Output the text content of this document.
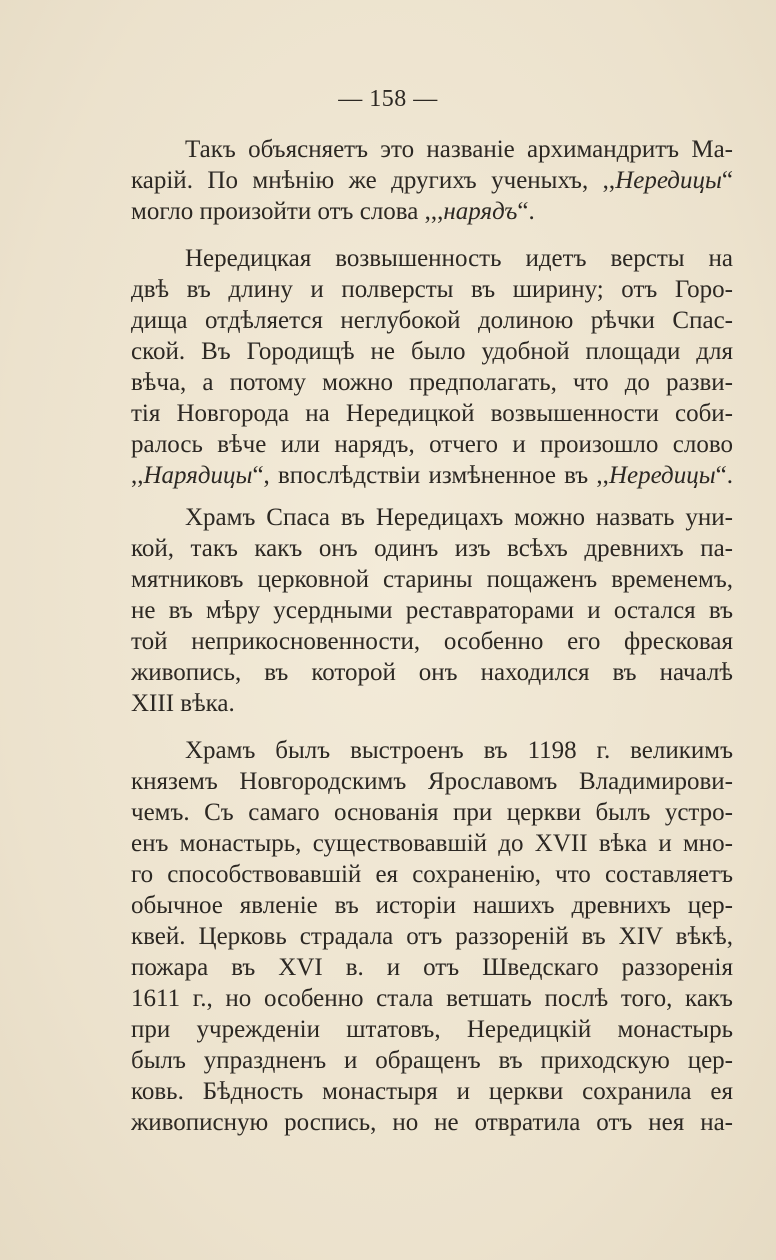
— 158 —
Такъ объясняетъ это названіе архимандритъ Ма-
карій. По мнѣнію же другихъ ученыхъ, ,,Нередицы“
могло произойти отъ слова ,,,нарядъ“.
Нередицкая возвышенность идетъ версты на
двѣ въ длину и полверсты въ ширину; отъ Горо-
дища отдѣляется неглубокой долиною рѣчки Спас-
ской. Въ Городищѣ не было удобной площади для
вѣча, а потому можно предполагать, что до разви-
тія Новгорода на Нередицкой возвышенности соби-
ралось вѣче или нарядъ, отчего и произошло слово
,,Нарядицы“, впослѣдствіи измѣненное въ ,,Нередицы“.
Храмъ Спаса въ Нередицахъ можно назвать уни-
кой, такъ какъ онъ одинъ изъ всѣхъ древнихъ па-
мятниковъ церковной старины пощаженъ временемъ,
не въ мѣру усердными реставраторами и остался въ
той неприкосновенности, особенно его фресковая
живопись, въ которой онъ находился въ началѣ
XIII вѣка.
Храмъ былъ выстроенъ въ 1198 г. великимъ
княземъ Новгородскимъ Ярославомъ Владимирови-
чемъ. Съ самаго основанія при церкви былъ устро-
енъ монастырь, существовавшій до XVII вѣка и мно-
го способствовавшій ея сохраненію, что составляетъ
обычное явленіе въ исторіи нашихъ древнихъ цер-
квей. Церковь страдала отъ раззореній въ XIV вѣкѣ,
пожара въ XVI в. и отъ Шведскаго раззоренія
1611 г., но особенно стала ветшать послѣ того, какъ
при учрежденіи штатовъ, Нередицкій монастырь
былъ упраздненъ и обращенъ въ приходскую цер-
ковь. Бѣдность монастыря и церкви сохранила ея
живописную роспись, но не отвратила отъ нея на-
